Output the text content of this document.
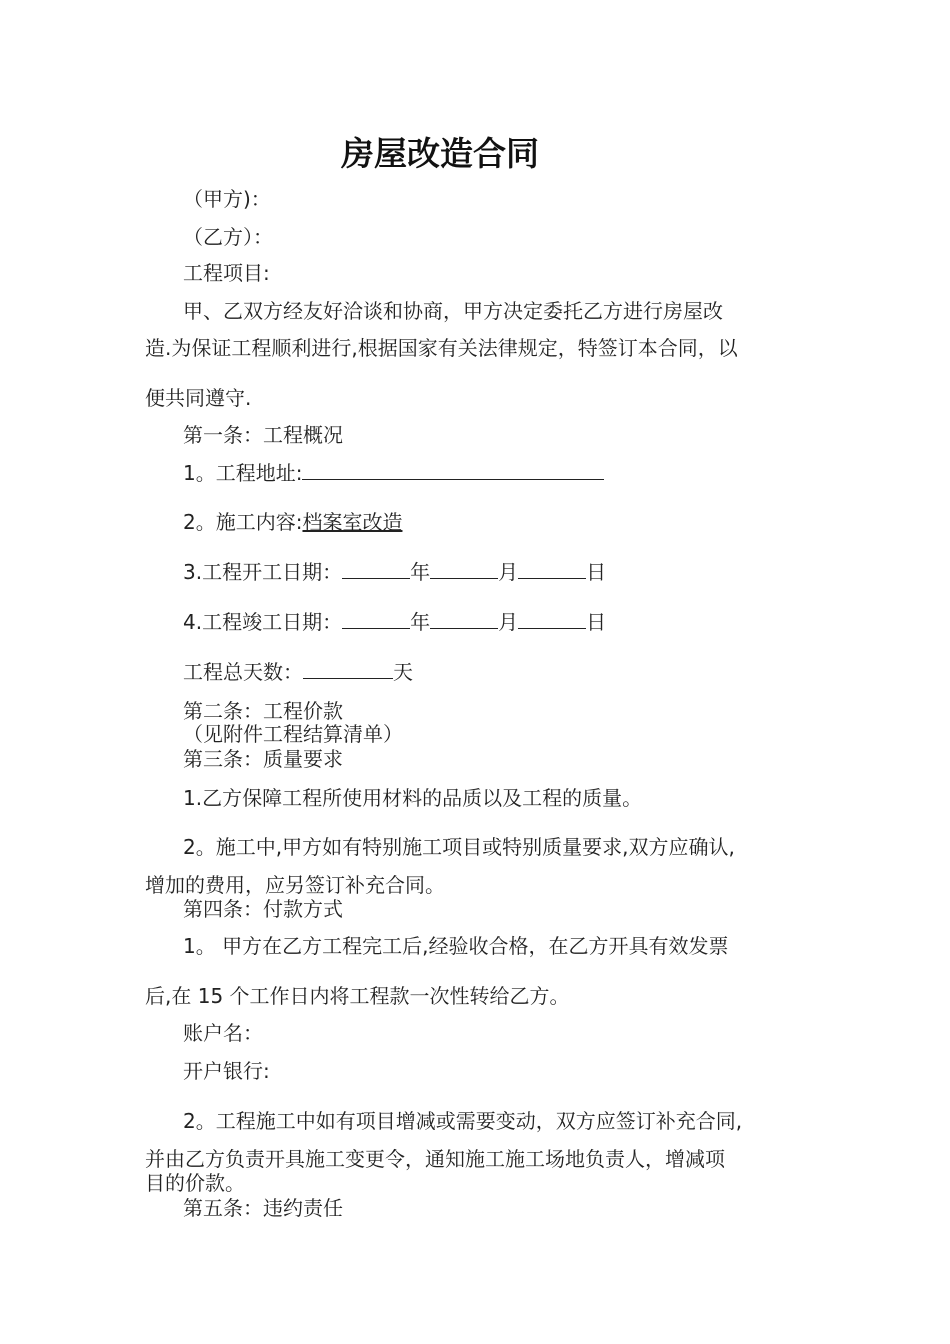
房屋改造合同
（甲方)：
（乙方）：
工程项目:
甲、乙双方经友好洽谈和协商，甲方决定委托乙方进行房屋改
造.为保证工程顺利进行,根据国家有关法律规定，特签订本合同，以
便共同遵守.
第一条：工程概况
1。工程地址:
2。施工内容:档案室改造
3.工程开工日期：	年	月	日
4.工程竣工日期：	年	月	日
工程总天数：	天
第二条：工程价款
（见附件工程结算清单）
第三条：质量要求
1.乙方保障工程所使用材料的品质以及工程的质量。
2。施工中,甲方如有特别施工项目或特别质量要求,双方应确认,
增加的费用，应另签订补充合同。
第四条：付款方式
1。 甲方在乙方工程完工后,经验收合格，在乙方开具有效发票
后,在 15 个工作日内将工程款一次性转给乙方。
账户名：
开户银行:
2。工程施工中如有项目增减或需要变动，双方应签订补充合同,
并由乙方负责开具施工变更令，通知施工施工场地负责人，增减项
目的价款。
第五条：违约责任
